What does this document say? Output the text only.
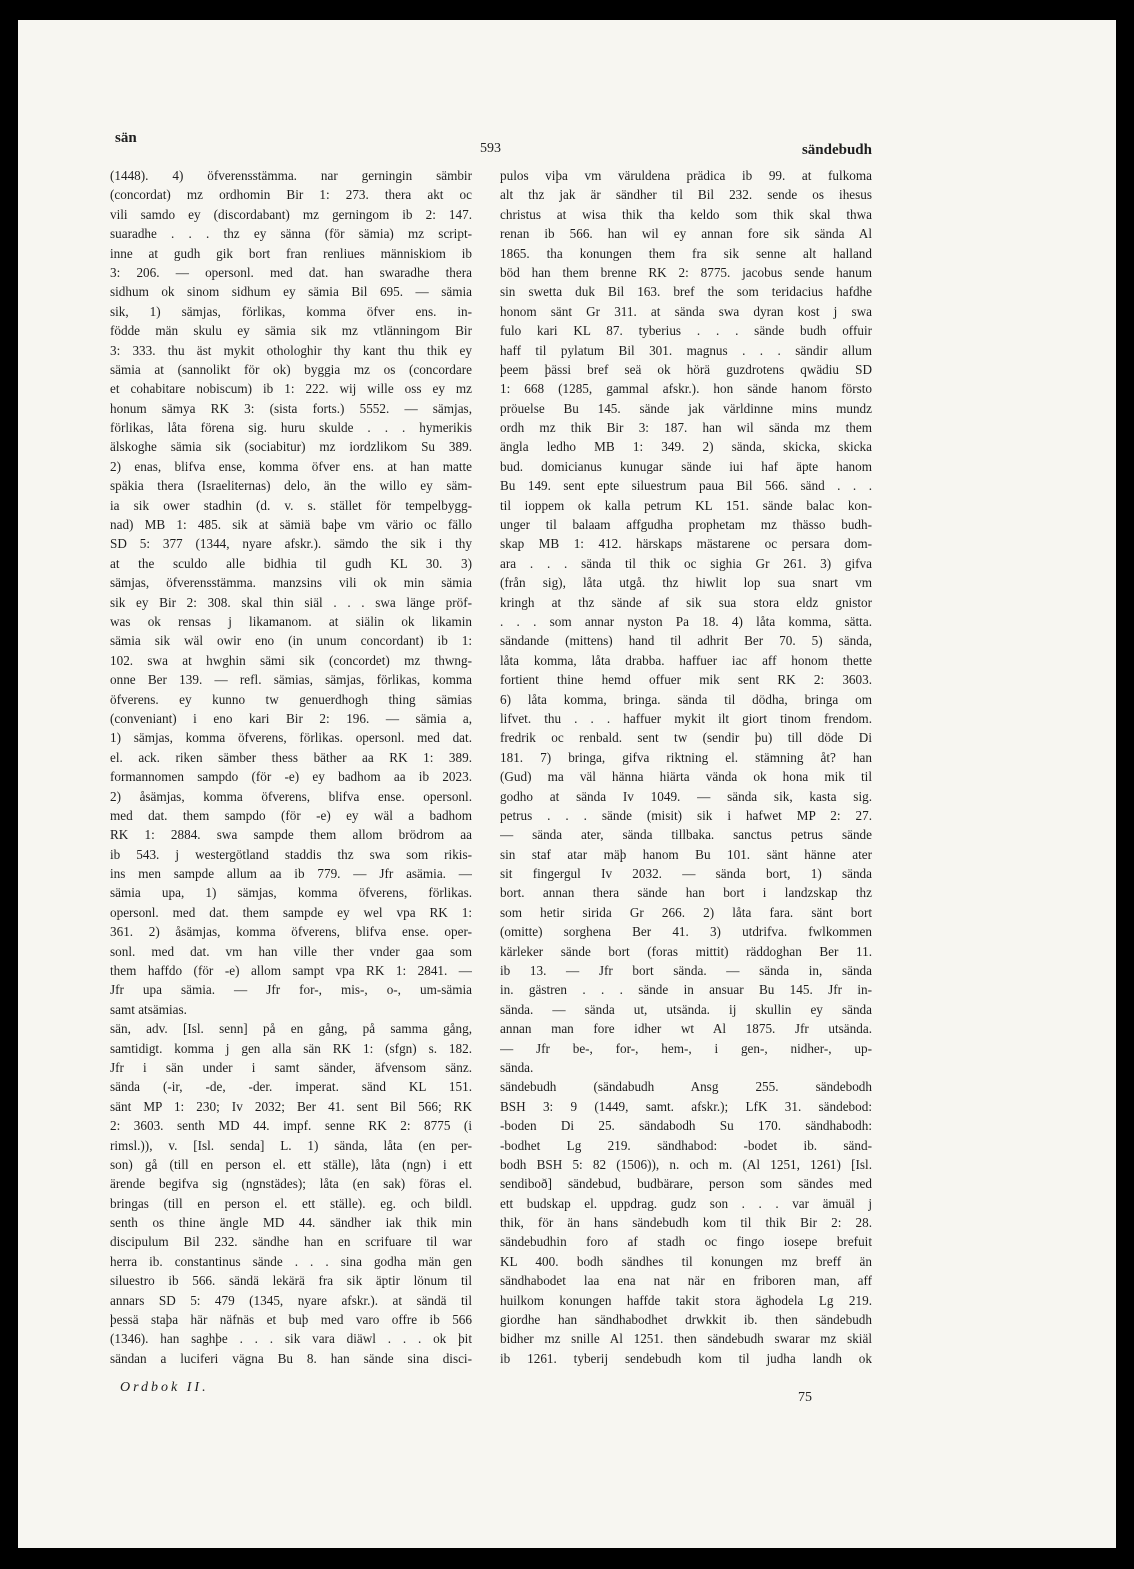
sän
593	sändebudh
(1448). 4) öfverensstämma. nar gerningin sämbir
(concordat) mz ordhomin Bir 1: 273. thera akt oc
vili samdo ey (discordabant) mz gerningom ib 2: 147.
suaradhe . . . thz ey sänna (för sämia) mz script-
inne at gudh gik bort fran renliues människiom ib
3: 206. — opersonl. med dat. han swaradhe thera
sidhum ok sinom sidhum ey sämia Bil 695. — sämia
sik, 1) sämjas, förlikas, komma öfver ens. in-
födde män skulu ey sämia sik mz vtlänningom Bir
3: 333. thu äst mykit othologhir thy kant thu thik ey
sämia at (sannolikt för ok) byggia mz os (concordare
et cohabitare nobiscum) ib 1: 222. wij wille oss ey mz
honum sämya RK 3: (sista forts.) 5552. — sämjas,
förlikas, låta förena sig. huru skulde . . . hymerikis
älskoghe sämia sik (sociabitur) mz iordzlikom Su 389.
2) enas, blifva ense, komma öfver ens. at han matte
späkia thera (Israeliternas) delo, än the willo ey säm-
ia sik ower stadhin (d. v. s. stället för tempelbygg-
nad) MB 1: 485. sik at sämiä baþe vm värio oc fällo
SD 5: 377 (1344, nyare afskr.). sämdo the sik i thy
at the sculdo alle bidhia til gudh KL 30. 3)
sämjas, öfverensstämma. manzsins vili ok min sämia
sik ey Bir 2: 308. skal thin siäl . . . swa länge pröf-
was ok rensas j likamanom. at siälin ok likamin
sämia sik wäl owir eno (in unum concordant) ib 1:
102. swa at hwghin sämi sik (concordet) mz thwng-
onne Ber 139. — refl. sämias, sämjas, förlikas, komma
öfverens. ey kunno tw genuerdhogh thing sämias
(conveniant) i eno kari Bir 2: 196. — sämia a,
1) sämjas, komma öfverens, förlikas. opersonl. med dat.
el. ack. riken sämber thess bäther aa RK 1: 389.
formannomen sampdo (för -e) ey badhom aa ib 2023.
2) åsämjas, komma öfverens, blifva ense. opersonl.
med dat. them sampdo (för -e) ey wäl a badhom
RK 1: 2884. swa sampde them allom brödrom aa
ib 543. j westergötland staddis thz swa som rikis-
ins men sampde allum aa ib 779. — Jfr asämia. —
sämia upa, 1) sämjas, komma öfverens, förlikas.
opersonl. med dat. them sampde ey wel vpa RK 1:
361. 2) åsämjas, komma öfverens, blifva ense. oper-
sonl. med dat. vm han ville ther vnder gaa som
them haffdo (för -e) allom sampt vpa RK 1: 2841. —
Jfr upa sämia. — Jfr for-, mis-, o-, um-sämia
samt atsämias.
sän, adv. [Isl. senn] på en gång, på samma gång,
samtidigt. komma j gen alla sän RK 1: (sfgn) s. 182.
Jfr i sän under i samt sänder, äfvensom sänz.
sända (-ir, -de, -der. imperat. sänd KL 151.
sänt MP 1: 230; Iv 2032; Ber 41. sent Bil 566; RK
2: 3603. senth MD 44. impf. senne RK 2: 8775 (i
rimsl.)), v. [Isl. senda] L. 1) sända, låta (en per-
son) gå (till en person el. ett ställe), låta (ngn) i ett
ärende begifva sig (ngnstädes); låta (en sak) föras el.
bringas (till en person el. ett ställe). eg. och bildl.
senth os thine ängle MD 44. sändher iak thik min
discipulum Bil 232. sändhe han en scrifuare til war
herra ib. constantinus sände . . . sina godha män gen
siluestro ib 566. sändä lekärä fra sik äptir lönum til
annars SD 5: 479 (1345, nyare afskr.). at sändä til
þessä staþa här näfnäs et buþ med varo offre ib 566
(1346). han saghþe . . . sik vara diäwl . . . ok þit
sändan a luciferi vägna Bu 8. han sände sina disci-
pulos viþa vm väruldena prädica ib 99. at fulkoma
alt thz jak är sändher til Bil 232. sende os ihesus
christus at wisa thik tha keldo som thik skal thwa
renan ib 566. han wil ey annan fore sik sända Al
1865. tha konungen them fra sik senne alt halland
böd han them brenne RK 2: 8775. jacobus sende hanum
sin swetta duk Bil 163. bref the som teridacius hafdhe
honom sänt Gr 311. at sända swa dyran kost j swa
fulo kari KL 87. tyberius . . . sände budh offuir
haff til pylatum Bil 301. magnus . . . sändir allum
þeem þässi bref seä ok hörä guzdrotens qwädiu SD
1: 668 (1285, gammal afskr.). hon sände hanom försto
pröuelse Bu 145. sände jak världinne mins mundz
ordh mz thik Bir 3: 187. han wil sända mz them
ängla ledho MB 1: 349. 2) sända, skicka, skicka
bud. domicianus kunugar sände iui haf äpte hanom
Bu 149. sent epte siluestrum paua Bil 566. sänd . . .
til ioppem ok kalla petrum KL 151. sände balac kon-
unger til balaam affgudha prophetam mz thässo budh-
skap MB 1: 412. härskaps mästarene oc persara dom-
ara . . . sända til thik oc sighia Gr 261. 3) gifva
(från sig), låta utgå. thz hiwlit lop sua snart vm
kringh at thz sände af sik sua stora eldz gnistor
. . . som annar nyston Pa 18. 4) låta komma, sätta.
sändande (mittens) hand til adhrit Ber 70. 5) sända,
låta komma, låta drabba. haffuer iac aff honom thette
fortient thine hemd offuer mik sent RK 2: 3603.
6) låta komma, bringa. sända til dödha, bringa om
lifvet. thu . . . haffuer mykit ilt giort tinom frendom.
fredrik oc renbald. sent tw (sendir þu) till döde Di
181. 7) bringa, gifva riktning el. stämning åt? han
(Gud) ma väl hänna hiärta vända ok hona mik til
godho at sända Iv 1049. — sända sik, kasta sig.
petrus . . . sände (misit) sik i hafwet MP 2: 27.
— sända ater, sända tillbaka. sanctus petrus sände
sin staf atar mäþ hanom Bu 101. sänt hänne ater
sit fingergul Iv 2032. — sända bort, 1) sända
bort. annan thera sände han bort i landzskap thz
som hetir sirida Gr 266. 2) låta fara. sänt bort
(omitte) sorghena Ber 41. 3) utdrifva. fwlkommen
kärleker sände bort (foras mittit) räddoghan Ber 11.
ib 13. — Jfr bort sända. — sända in, sända
in. gästren . . . sände in ansuar Bu 145. Jfr in-
sända. — sända ut, utsända. ij skullin ey sända
annan man fore idher wt Al 1875. Jfr utsända.
— Jfr be-, for-, hem-, i gen-, nidher-, up-
sända.
sändebudh (sändabudh Ansg 255. sändebodh
BSH 3: 9 (1449, samt. afskr.); LfK 31. sändebod:
-boden Di 25. sändabodh Su 170. sändhabodh:
-bodhet Lg 219. sändhabod: -bodet ib. sänd-
bodh BSH 5: 82 (1506)), n. och m. (Al 1251, 1261) [Isl.
sendiboð] sändebud, budbärare, person som sändes med
ett budskap el. uppdrag. gudz son . . . var ämuäl j
thik, för än hans sändebudh kom til thik Bir 2: 28.
sändebudhin foro af stadh oc fingo iosepe brefuit
KL 400. bodh sändhes til konungen mz breff än
sändhabodet laa ena nat när en friboren man, aff
huilkom konungen haffde takit stora äghodela Lg 219.
giordhe han sändhabodhet drwkkit ib. then sändebudh
bidher mz snille Al 1251. then sändebudh swarar mz skiäl
ib 1261. tyberij sendebudh kom til judha landh ok
Ordbok II.
75
